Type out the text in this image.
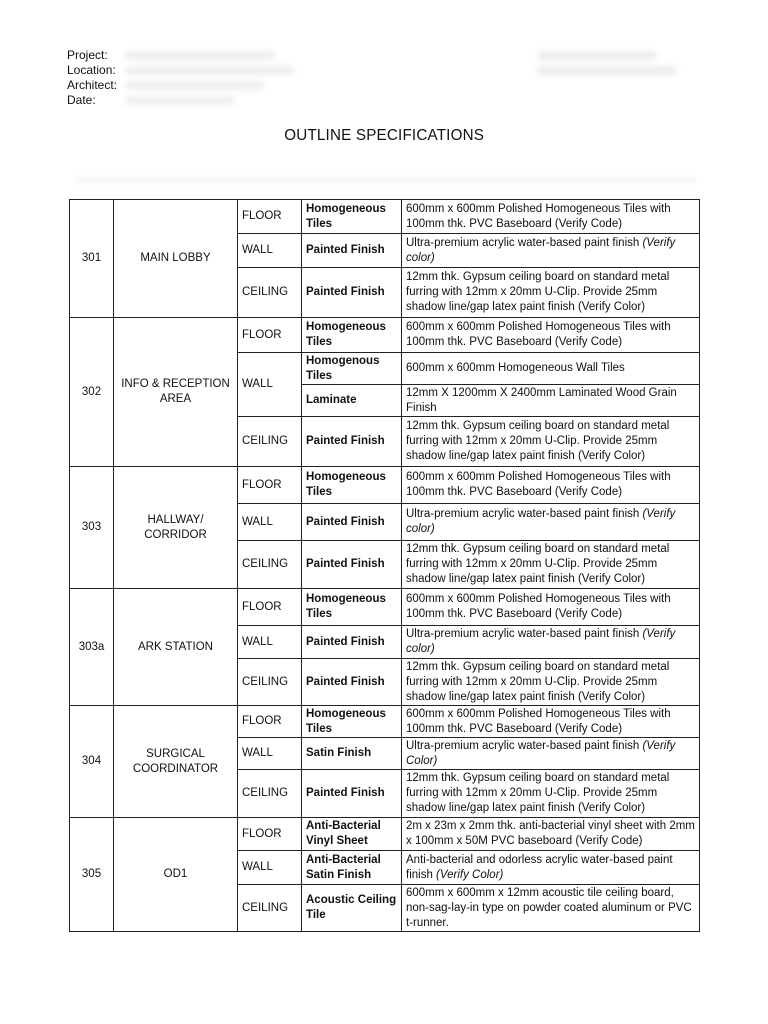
Project:
Location:
Architect:
Date:
OUTLINE SPECIFICATIONS
301	MAIN LOBBY	FLOOR	Homogeneous Tiles	600mm x 600mm Polished Homogeneous Tiles with 100mm thk. PVC Baseboard (Verify Code)
		WALL	Painted Finish	Ultra-premium acrylic water-based paint finish (Verify color)
		CEILING	Painted Finish	12mm thk. Gypsum ceiling board on standard metal furring with 12mm x 20mm U-Clip. Provide 25mm shadow line/gap latex paint finish (Verify Color)
302	INFO & RECEPTION AREA	FLOOR	Homogeneous Tiles	600mm x 600mm Polished Homogeneous Tiles with 100mm thk. PVC Baseboard (Verify Code)
		WALL	Homogenous Tiles	600mm x 600mm Homogeneous Wall Tiles
			Laminate	12mm X 1200mm X 2400mm Laminated Wood Grain Finish
		CEILING	Painted Finish	12mm thk. Gypsum ceiling board on standard metal furring with 12mm x 20mm U-Clip. Provide 25mm shadow line/gap latex paint finish (Verify Color)
303	HALLWAY/ CORRIDOR	FLOOR	Homogeneous Tiles	600mm x 600mm Polished Homogeneous Tiles with 100mm thk. PVC Baseboard (Verify Code)
		WALL	Painted Finish	Ultra-premium acrylic water-based paint finish (Verify color)
		CEILING	Painted Finish	12mm thk. Gypsum ceiling board on standard metal furring with 12mm x 20mm U-Clip. Provide 25mm shadow line/gap latex paint finish (Verify Color)
303a	ARK STATION	FLOOR	Homogeneous Tiles	600mm x 600mm Polished Homogeneous Tiles with 100mm thk. PVC Baseboard (Verify Code)
		WALL	Painted Finish	Ultra-premium acrylic water-based paint finish (Verify color)
		CEILING	Painted Finish	12mm thk. Gypsum ceiling board on standard metal furring with 12mm x 20mm U-Clip. Provide 25mm shadow line/gap latex paint finish (Verify Color)
304	SURGICAL COORDINATOR	FLOOR	Homogeneous Tiles	600mm x 600mm Polished Homogeneous Tiles with 100mm thk. PVC Baseboard (Verify Code)
		WALL	Satin Finish	Ultra-premium acrylic water-based paint finish (Verify Color)
		CEILING	Painted Finish	12mm thk. Gypsum ceiling board on standard metal furring with 12mm x 20mm U-Clip. Provide 25mm shadow line/gap latex paint finish (Verify Color)
305	OD1	FLOOR	Anti-Bacterial Vinyl Sheet	2m x 23m x 2mm thk. anti-bacterial vinyl sheet with 2mm x 100mm x 50M PVC baseboard (Verify Code)
		WALL	Anti-Bacterial Satin Finish	Anti-bacterial and odorless acrylic water-based paint finish (Verify Color)
		CEILING	Acoustic Ceiling Tile	600mm x 600mm x 12mm acoustic tile ceiling board, non-sag-lay-in type on powder coated aluminum or PVC t-runner.
